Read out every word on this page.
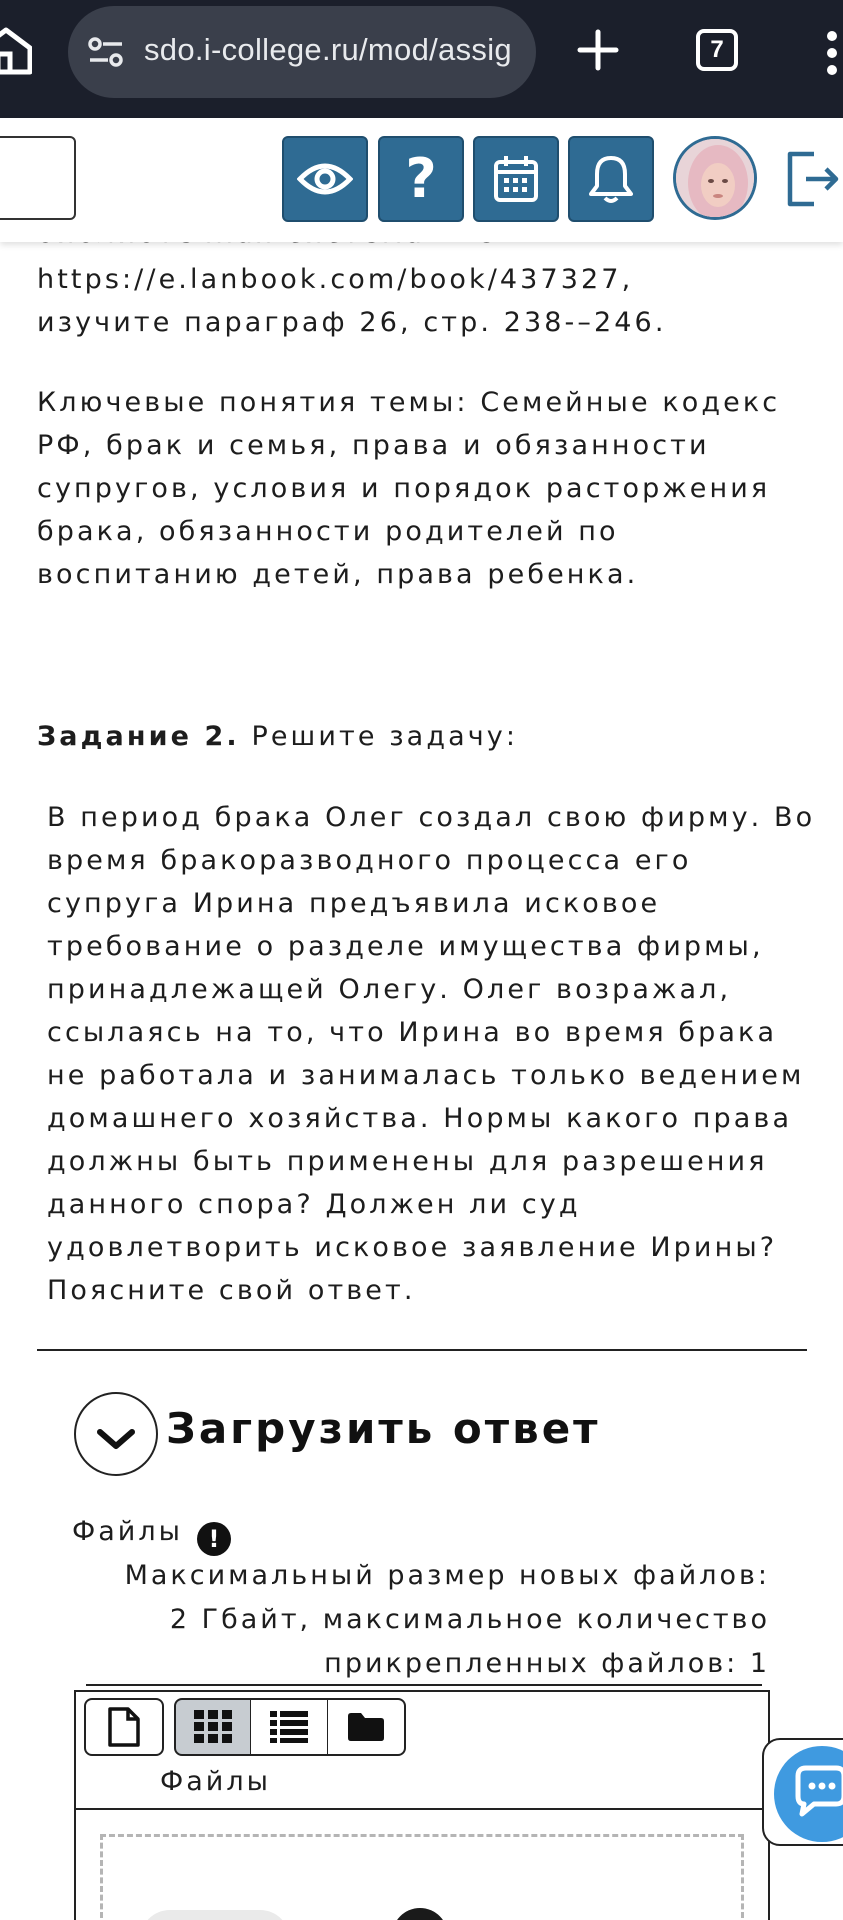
sdo.i-college.ru/mod/assig	7
?
https://e.lanbook.com/book/437327,
изучите параграф 26, стр. 238-–246.
Ключевые понятия темы: Семейные кодекс РФ, брак и семья, права и обязанности супругов, условия и порядок расторжения брака, обязанности родителей по воспитанию детей, права ребенка.
Задание 2. Решите задачу:
В период брака Олег создал свою фирму. Во время бракоразводного процесса его супруга Ирина предъявила исковое требование о разделе имущества фирмы, принадлежащей Олегу. Олег возражал, ссылаясь на то, что Ирина во время брака не работала и занималась только ведением домашнего хозяйства. Нормы какого права должны быть применены для разрешения данного спора? Должен ли суд удовлетворить исковое заявление Ирины? Поясните свой ответ.
Загрузить ответ
Файлы	!
Максимальный размер новых файлов:
2 Гбайт, максимальное количество
прикрепленных файлов: 1
Файлы
